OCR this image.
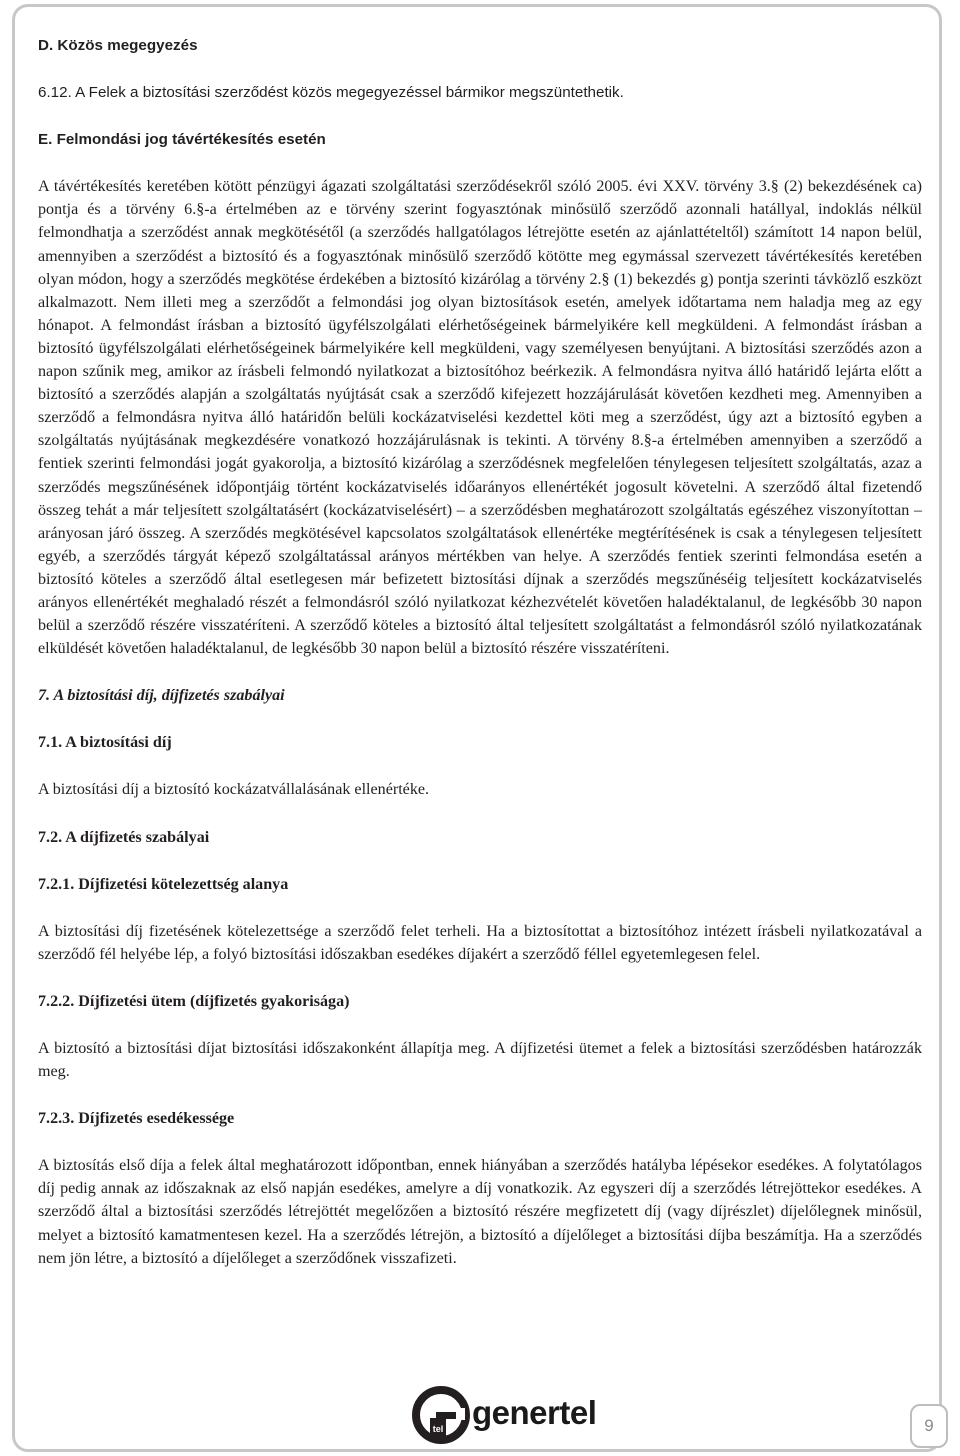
D. Közös megegyezés

6.12. A Felek a biztosítási szerződést közös megegyezéssel bármikor megszüntethetik.

E. Felmondási jog távértékesítés esetén

A távértékesítés keretében kötött pénzügyi ágazati szolgáltatási szerződésekről szóló 2005. évi XXV. törvény 3.§ (2) bekezdésének ca) pontja és a törvény 6.§-a értelmében az e törvény szerint fogyasztónak minősülő szerződő azonnali hatállyal, indoklás nélkül felmondhatja a szerződést annak megkötésétől (a szerződés hallgatólagos létrejötte esetén az ajánlattételtől) számított 14 napon belül, amennyiben a szerződést a biztosító és a fogyasztónak minősülő szerződő kötötte meg egymással szervezett távértékesítés keretében olyan módon, hogy a szerződés megkötése érdekében a biztosító kizárólag a törvény 2.§ (1) bekezdés g) pontja szerinti távközlő eszközt alkalmazott. Nem illeti meg a szerződőt a felmondási jog olyan biztosítások esetén, amelyek időtartama nem haladja meg az egy hónapot. A felmondást írásban a biztosító ügyfélszolgálati elérhetőségeinek bármelyikére kell megküldeni. A felmondást írásban a biztosító ügyfélszolgálati elérhetőségeinek bármelyikére kell megküldeni, vagy személyesen benyújtani. A biztosítási szerződés azon a napon szűnik meg, amikor az írásbeli felmondó nyilatkozat a biztosítóhoz beérkezik. A felmondásra nyitva álló határidő lejárta előtt a biztosító a szerződés alapján a szolgáltatás nyújtását csak a szerződő kifejezett hozzájárulását követően kezdheti meg. Amennyiben a szerződő a felmondásra nyitva álló határidőn belüli kockázatviselési kezdettel köti meg a szerződést, úgy azt a biztosító egyben a szolgáltatás nyújtásának megkezdésére vonatkozó hozzájárulásnak is tekinti. A törvény 8.§-a értelmében amennyiben a szerződő a fentiek szerinti felmondási jogát gyakorolja, a biztosító kizárólag a szerződésnek megfelelően ténylegesen teljesített szolgáltatás, azaz a szerződés megszűnésének időpontjáig történt kockázatviselés időarányos ellenértékét jogosult követelni. A szerződő által fizetendő összeg tehát a már teljesített szolgáltatásért (kockázatviselésért) – a szerződésben meghatározott szolgáltatás egészéhez viszonyítottan – arányosan járó összeg. A szerződés megkötésével kapcsolatos szolgáltatások ellenértéke megtérítésének is csak a ténylegesen teljesített egyéb, a szerződés tárgyát képező szolgáltatással arányos mértékben van helye. A szerződés fentiek szerinti felmondása esetén a biztosító köteles a szerződő által esetlegesen már befizetett biztosítási díjnak a szerződés megszűnéséig teljesített kockázatviselés arányos ellenértékét meghaladó részét a felmondásról szóló nyilatkozat kézhezvételét követően haladéktalanul, de legkésőbb 30 napon belül a szerződő részére visszatéríteni. A szerződő köteles a biztosító által teljesített szolgáltatást a felmondásról szóló nyilatkozatának elküldését követően haladéktalanul, de legkésőbb 30 napon belül a biztosító részére visszatéríteni.

7. A biztosítási díj, díjfizetés szabályai

7.1. A biztosítási díj

A biztosítási díj a biztosító kockázatvállalásának ellenértéke.

7.2. A díjfizetés szabályai

7.2.1. Díjfizetési kötelezettség alanya

A biztosítási díj fizetésének kötelezettsége a szerződő felet terheli. Ha a biztosítottat a biztosítóhoz intézett írásbeli nyilatkozatával a szerződő fél helyébe lép, a folyó biztosítási időszakban esedékes díjakért a szerződő féllel egyetemlegesen felel.

7.2.2. Díjfizetési ütem (díjfizetés gyakorisága)

A biztosító a biztosítási díjat biztosítási időszakonként állapítja meg. A díjfizetési ütemet a felek a biztosítási szerződésben határozzák meg.

7.2.3. Díjfizetés esedékessége

A biztosítás első díja a felek által meghatározott időpontban, ennek hiányában a szerződés hatályba lépésekor esedékes. A folytatólagos díj pedig annak az időszaknak az első napján esedékes, amelyre a díj vonatkozik. Az egyszeri díj a szerződés létrejöttekor esedékes. A szerződő által a biztosítási szerződés létrejöttét megelőzően a biztosító részére megfizetett díj (vagy díjrészlet) díjelőlegnek minősül, melyet a biztosító kamatmentesen kezel. Ha a szerződés létrejön, a biztosító a díjelőleget a biztosítási díjba beszámítja. Ha a szerződés nem jön létre, a biztosító a díjelőleget a szerződőnek visszafizeti.

tel genertel	9
